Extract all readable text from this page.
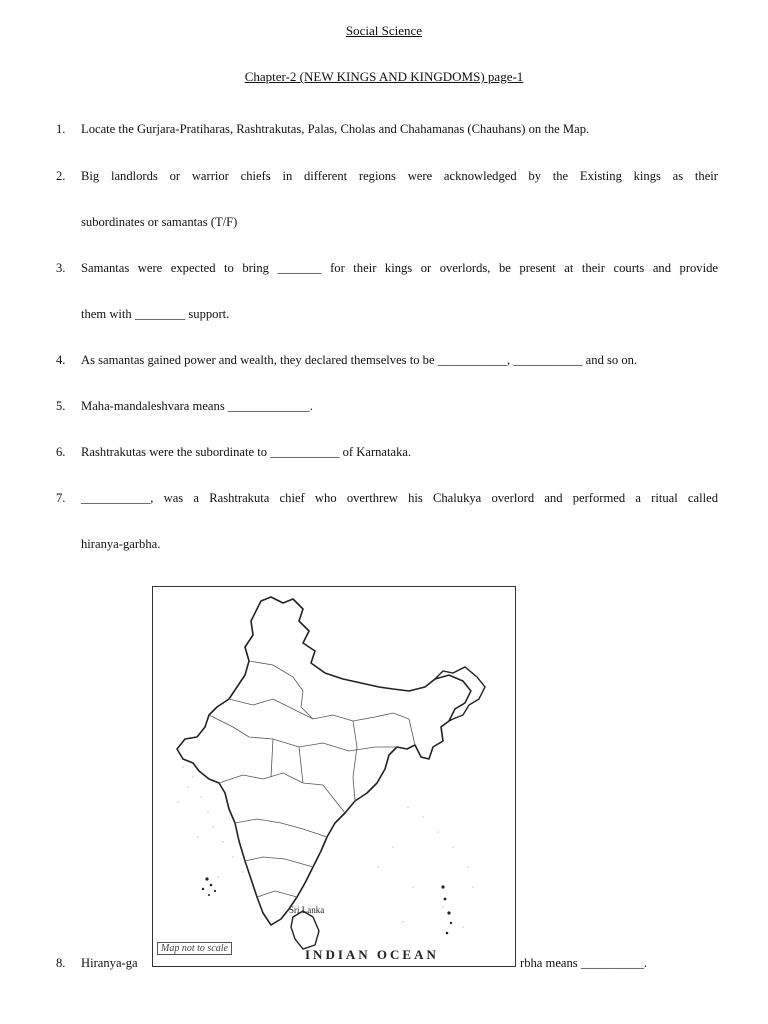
Social Science
Chapter-2 (NEW KINGS AND KINGDOMS) page-1
1. Locate the Gurjara-Pratiharas, Rashtrakutas, Palas, Cholas and Chahamanas (Chauhans) on the Map.
2. Big landlords or warrior chiefs in different regions were acknowledged by the Existing kings as their
subordinates or samantas (T/F)
3. Samantas were expected to bring _______ for their kings or overlords, be present at their courts and provide
them with ________ support.
4. As samantas gained power and wealth, they declared themselves to be ___________, ___________ and so on.
5. Maha-mandaleshvara means _____________.
6. Rashtrakutas were the subordinate to ___________ of Karnataka.
7. ___________, was a Rashtrakuta chief who overthrew his Chalukya overlord and performed a ritual called
hiranya-garbha.
Sri Lanka
Map not to scale	INDIAN OCEAN
8. Hiranya-ga	rbha means __________.
